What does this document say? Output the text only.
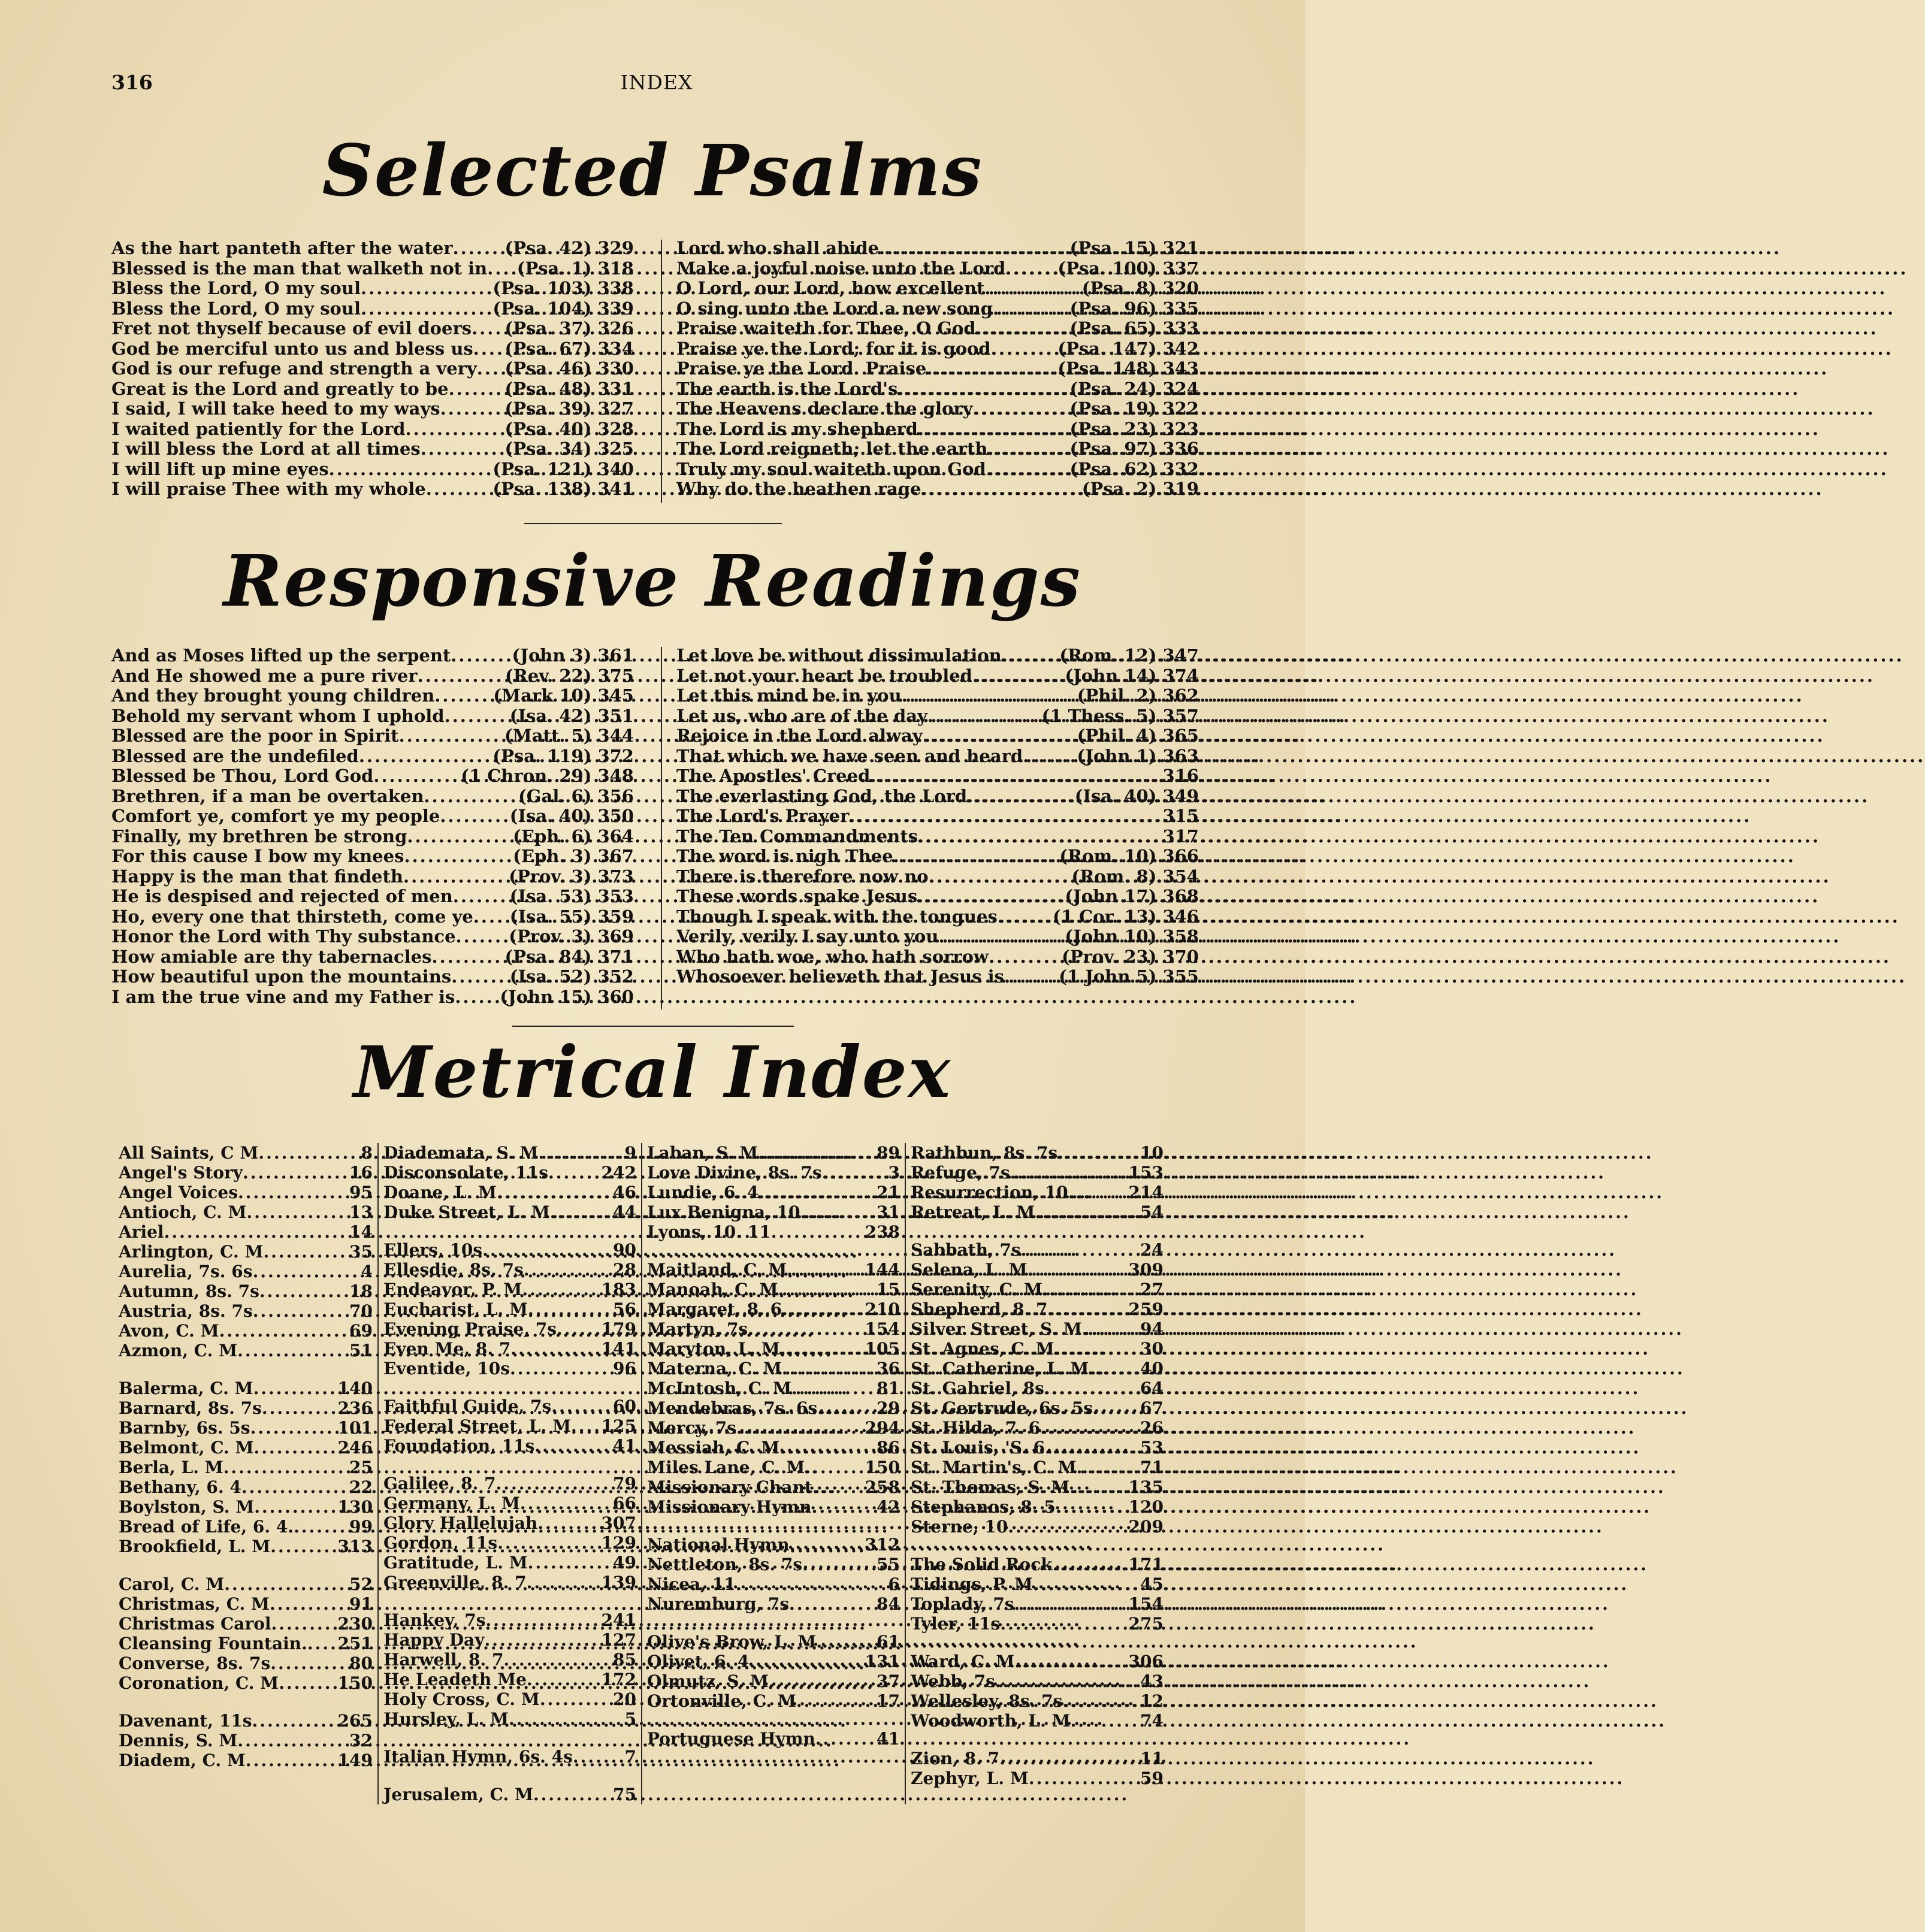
316	INDEX
Selected Psalms
As the hart panteth after the water .....	(Psa. 42) 329
Blessed is the man that walketh not in ..... (Psa. 1) 318
Bless the Lord, O my soul .....	(Psa. 103) 338
Bless the Lord, O my soul .....	(Psa. 104) 339
Fret not thyself because of evil doers ..... (Psa. 37) 326
God be merciful unto us and bless us ..... (Psa. 67) 334
God is our refuge and strength a very ..... (Psa. 46) 330
Great is the Lord and greatly to be .....	(Psa. 48) 331
I said, I will take heed to my ways .....	(Psa. 39) 327
I waited patiently for the Lord .....	(Psa. 40) 328
I will bless the Lord at all times .....	(Psa. 34) 325
I will lift up mine eyes .....	(Psa. 121) 340
I will praise Thee with my whole .....	(Psa. 138) 341
Lord who shall abide .....	(Psa. 15) 321
Make a joyful noise unto the Lord .....	(Psa. 100) 337
O Lord, our Lord, how excellent .....	(Psa. 8) 320
O sing unto the Lord a new song .....	(Psa. 96) 335
Praise waiteth for Thee, O God .....	(Psa. 65) 333
Praise ye the Lord; for it is good .....	(Psa. 147) 342
Praise ye the Lord. Praise .....	(Psa. 148) 343
The earth is the Lord's .....	(Psa. 24) 324
The Heavens declare the glory .....	(Psa. 19) 322
The Lord is my shepherd .....	(Psa. 23) 323
The Lord reigneth; let the earth .....	(Psa. 97) 336
Truly my soul waiteth upon God .....	(Psa. 62) 332
Why do the heathen rage .....	(Psa. 2) 319
Responsive Readings
And as Moses lifted up the serpent .....	(John 3) 361
And He showed me a pure river .....	(Rev. 22) 375
And they brought young children .....	(Mark 10) 345
Behold my servant whom I uphold .....	(Isa. 42) 351
Blessed are the poor in Spirit .....	(Matt. 5) 344
Blessed are the undefiled .....	(Psa. 119) 372
Blessed be Thou, Lord God .....	(1 Chron. 29) 348
Brethren, if a man be overtaken .....	(Gal. 6) 356
Comfort ye, comfort ye my people .....	(Isa. 40) 350
Finally, my brethren be strong .....	(Eph. 6) 364
For this cause I bow my knees .....	(Eph. 3) 367
Happy is the man that findeth .....	(Prov. 3) 373
He is despised and rejected of men .....	(Isa. 53) 353
Ho, every one that thirsteth, come ye ..... (Isa. 55) 359
Honor the Lord with Thy substance .....	(Prov. 3) 369
How amiable are thy tabernacles .....	(Psa. 84) 371
How beautiful upon the mountains .....	(Isa. 52) 352
I am the true vine and my Father is .....	(John 15) 360
Let love be without dissimulation .....	(Rom. 12) 347
Let not your heart be troubled .....	(John 14) 374
Let this mind be in you .....	(Phil. 2) 362
Let us, who are of the day .....	(1 Thess. 5) 357
Rejoice in the Lord alway .....	(Phil. 4) 365
That which we have seen and heard .....	(John 1) 363
The Apostles' Creed .....	316
The everlasting God, the Lord .....	(Isa. 40) 349
The Lord's Prayer .....	315
The Ten Commandments .....	317
The word is nigh Thee .....	(Rom. 10) 366
There is therefore now no .....	(Rom. 8) 354
These words spake Jesus .....	(John 17) 368
Though I speak with the tongues .....	(1 Cor. 13) 346
Verily, verily I say unto you .....	(John 10) 358
Who hath woe, who hath sorrow .....	(Prov. 23) 370
Whosoever believeth that Jesus is .....	(1 John 5) 355
Metrical Index
All Saints, C M .....	8
Angel's Story .....	16
Angel Voices .....	95
Antioch, C. M .....	13
Ariel .....	14
Arlington, C. M .....	35
Aurelia, 7s. 6s .....	4
Autumn, 8s. 7s .....	18
Austria, 8s. 7s .....	70
Avon, C. M .....	69
Azmon, C. M .....	51
Balerma, C. M .....	140
Barnard, 8s. 7s .....	236
Barnby, 6s. 5s .....	101
Belmont, C. M .....	246
Berla, L. M .....	25
Bethany, 6. 4 .....	22
Boylston, S. M .....	130
Bread of Life, 6. 4. .....	99
Brookfield, L. M .....	313
Carol, C. M .....	52
Christmas, C. M .....	91
Christmas Carol .....	230
Cleansing Fountain. ..... 251
Converse, 8s. 7s .....	80
Coronation, C. M .....	150
Davenant, 11s .....	265
Dennis, S. M .....	32
Diadem, C. M .....	149
Diademata, S. M .....	9
Disconsolate, 11s .....	242
Doane, L. M .....	46
Duke Street, L. M .....	44
Ellers, 10s .....	90
Ellesdie, 8s. 7s .....	28
Endeavor, P. M .....	183
Eucharist, L. M .....	56
Evening Praise, 7s .....	179
Even Me, 8. 7 .....	141
Eventide, 10s .....	96
Faithful Guide, 7s .....	60
Federal Street, L. M ..... 125
Foundation, 11s .....	41
Galilee, 8. 7 .....	79
Germany, L. M .....	66
Glory Hallelujah .....	307
Gordon, 11s .....	129
Gratitude, L. M .....	49
Greenville, 8. 7 .....	139
Hankey, 7s .....	241
Happy Day .....	127
Harwell, 8. 7 .....	85
He Leadeth Me .....	172
Holy Cross, C. M .....	20
Hursley, L. M .....	5
Italian Hymn, 6s. 4s .....	7
Jerusalem, C. M .....	75
Laban, S. M .....	89
Love Divine, 8s. 7s .....	3
Lundie, 6. 4 .....	21
Lux Benigna, 10 .....	31
Lyons, 10. 11 .....	238
Maitland, C. M .....	144
Manoah, C. M .....	15
Margaret, 8. 6 .....	210
Martyn, 7s .....	154
Maryton, L. M .....	105
Materna, C. M .....	36
McIntosh, C. M .....	81
Mendebras, 7s. 6s .....	29
Mercy, 7s .....	294
Messiah, C. M .....	86
Miles Lane, C. M .....	150
Missionary Chant .....	258
Missionary Hymn .....	42
National Hymn .....	312
Nettleton, 8s. 7s .....	55
Nicea, 11 .....	6
Nuremburg, 7s .....	84
Olive's Brow, L. M. .....	61
Olivet, 6. 4 .....	131
Olmutz, S. M .....	37
Ortonville, C. M .....	17
Portuguese Hymn .....	41
Rathbun, 8s. 7s .....	10
Refuge, 7s .....	153
Resurrection, 10 .....	214
Retreat, L. M .....	54
Sabbath, 7s .....	24
Selena, L. M .....	309
Serenity, C. M .....	27
Shepherd, 8. 7 .....	259
Silver Street, S. M. .....	94
St. Agnes, C. M .....	30
St. Catherine, L. M .....	40
St. Gabriel, 8s .....	64
St. Gertrude, 6s. 5s .....	67
St. Hilda, 7. 6 .....	26
St. Louis, 'S. 6 .....	53
St. Martin's, C. M. .....	71
St. Thomas, S. M .....	135
Stephanos, 8. 5 .....	120
Sterne, 10 .....	209
The Solid Rock .....	171
Tidings, P. M .....	45
Toplady, 7s .....	154
Tyler, 11s .....	275
Ward, C. M .....	306
Webb, 7s .....	43
Wellesley, 8s. 7s .....	12
Woodworth, L. M .....	74
Zion, 8. 7 .....	11
Zephyr, L. M .....	59
